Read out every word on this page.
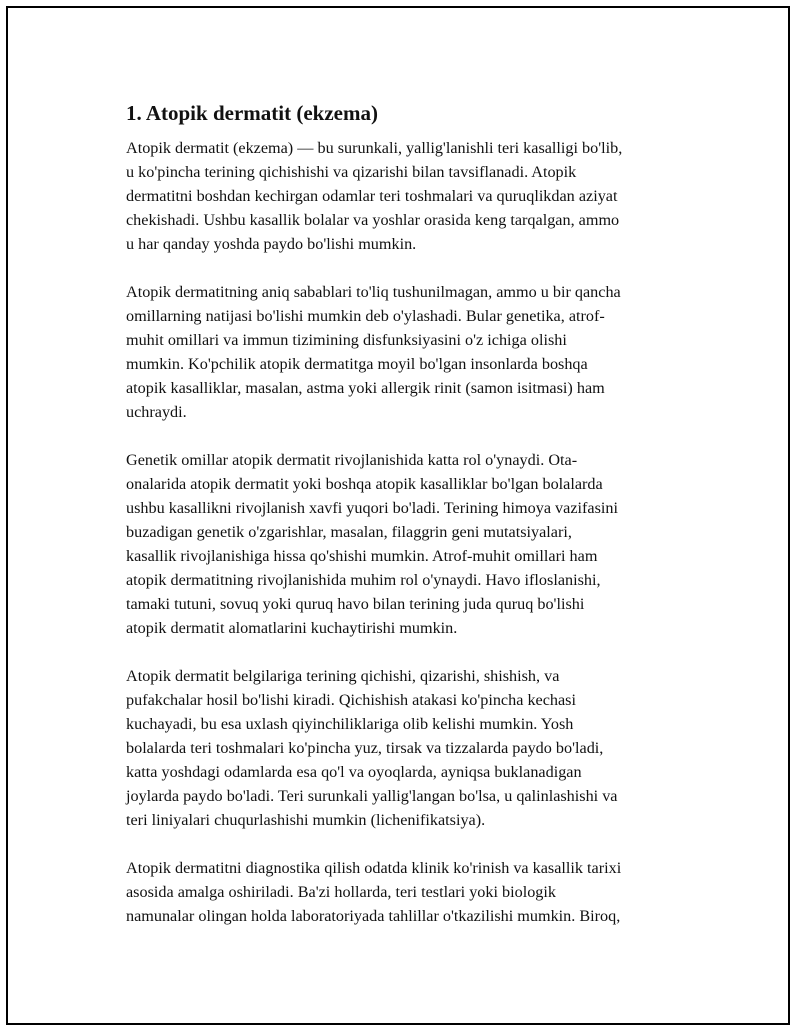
1. Atopik dermatit (ekzema)

Atopik dermatit (ekzema) — bu surunkali, yallig'lanishli teri kasalligi bo'lib,
u ko'pincha terining qichishishi va qizarishi bilan tavsiflanadi. Atopik
dermatitni boshdan kechirgan odamlar teri toshmalari va quruqlikdan aziyat
chekishadi. Ushbu kasallik bolalar va yoshlar orasida keng tarqalgan, ammo
u har qanday yoshda paydo bo'lishi mumkin.

Atopik dermatitning aniq sabablari to'liq tushunilmagan, ammo u bir qancha
omillarning natijasi bo'lishi mumkin deb o'ylashadi. Bular genetika, atrof-
muhit omillari va immun tizimining disfunksiyasini o'z ichiga olishi
mumkin. Ko'pchilik atopik dermatitga moyil bo'lgan insonlarda boshqa
atopik kasalliklar, masalan, astma yoki allergik rinit (samon isitmasi) ham
uchraydi.

Genetik omillar atopik dermatit rivojlanishida katta rol o'ynaydi. Ota-
onalarida atopik dermatit yoki boshqa atopik kasalliklar bo'lgan bolalarda
ushbu kasallikni rivojlanish xavfi yuqori bo'ladi. Terining himoya vazifasini
buzadigan genetik o'zgarishlar, masalan, filaggrin geni mutatsiyalari,
kasallik rivojlanishiga hissa qo'shishi mumkin. Atrof-muhit omillari ham
atopik dermatitning rivojlanishida muhim rol o'ynaydi. Havo ifloslanishi,
tamaki tutuni, sovuq yoki quruq havo bilan terining juda quruq bo'lishi
atopik dermatit alomatlarini kuchaytirishi mumkin.

Atopik dermatit belgilariga terining qichishi, qizarishi, shishish, va
pufakchalar hosil bo'lishi kiradi. Qichishish atakasi ko'pincha kechasi
kuchayadi, bu esa uxlash qiyinchiliklariga olib kelishi mumkin. Yosh
bolalarda teri toshmalari ko'pincha yuz, tirsak va tizzalarda paydo bo'ladi,
katta yoshdagi odamlarda esa qo'l va oyoqlarda, ayniqsa buklanadigan
joylarda paydo bo'ladi. Teri surunkali yallig'langan bo'lsa, u qalinlashishi va
teri liniyalari chuqurlashishi mumkin (lichenifikatsiya).

Atopik dermatitni diagnostika qilish odatda klinik ko'rinish va kasallik tarixi
asosida amalga oshiriladi. Ba'zi hollarda, teri testlari yoki biologik
namunalar olingan holda laboratoriyada tahlillar o'tkazilishi mumkin. Biroq,
